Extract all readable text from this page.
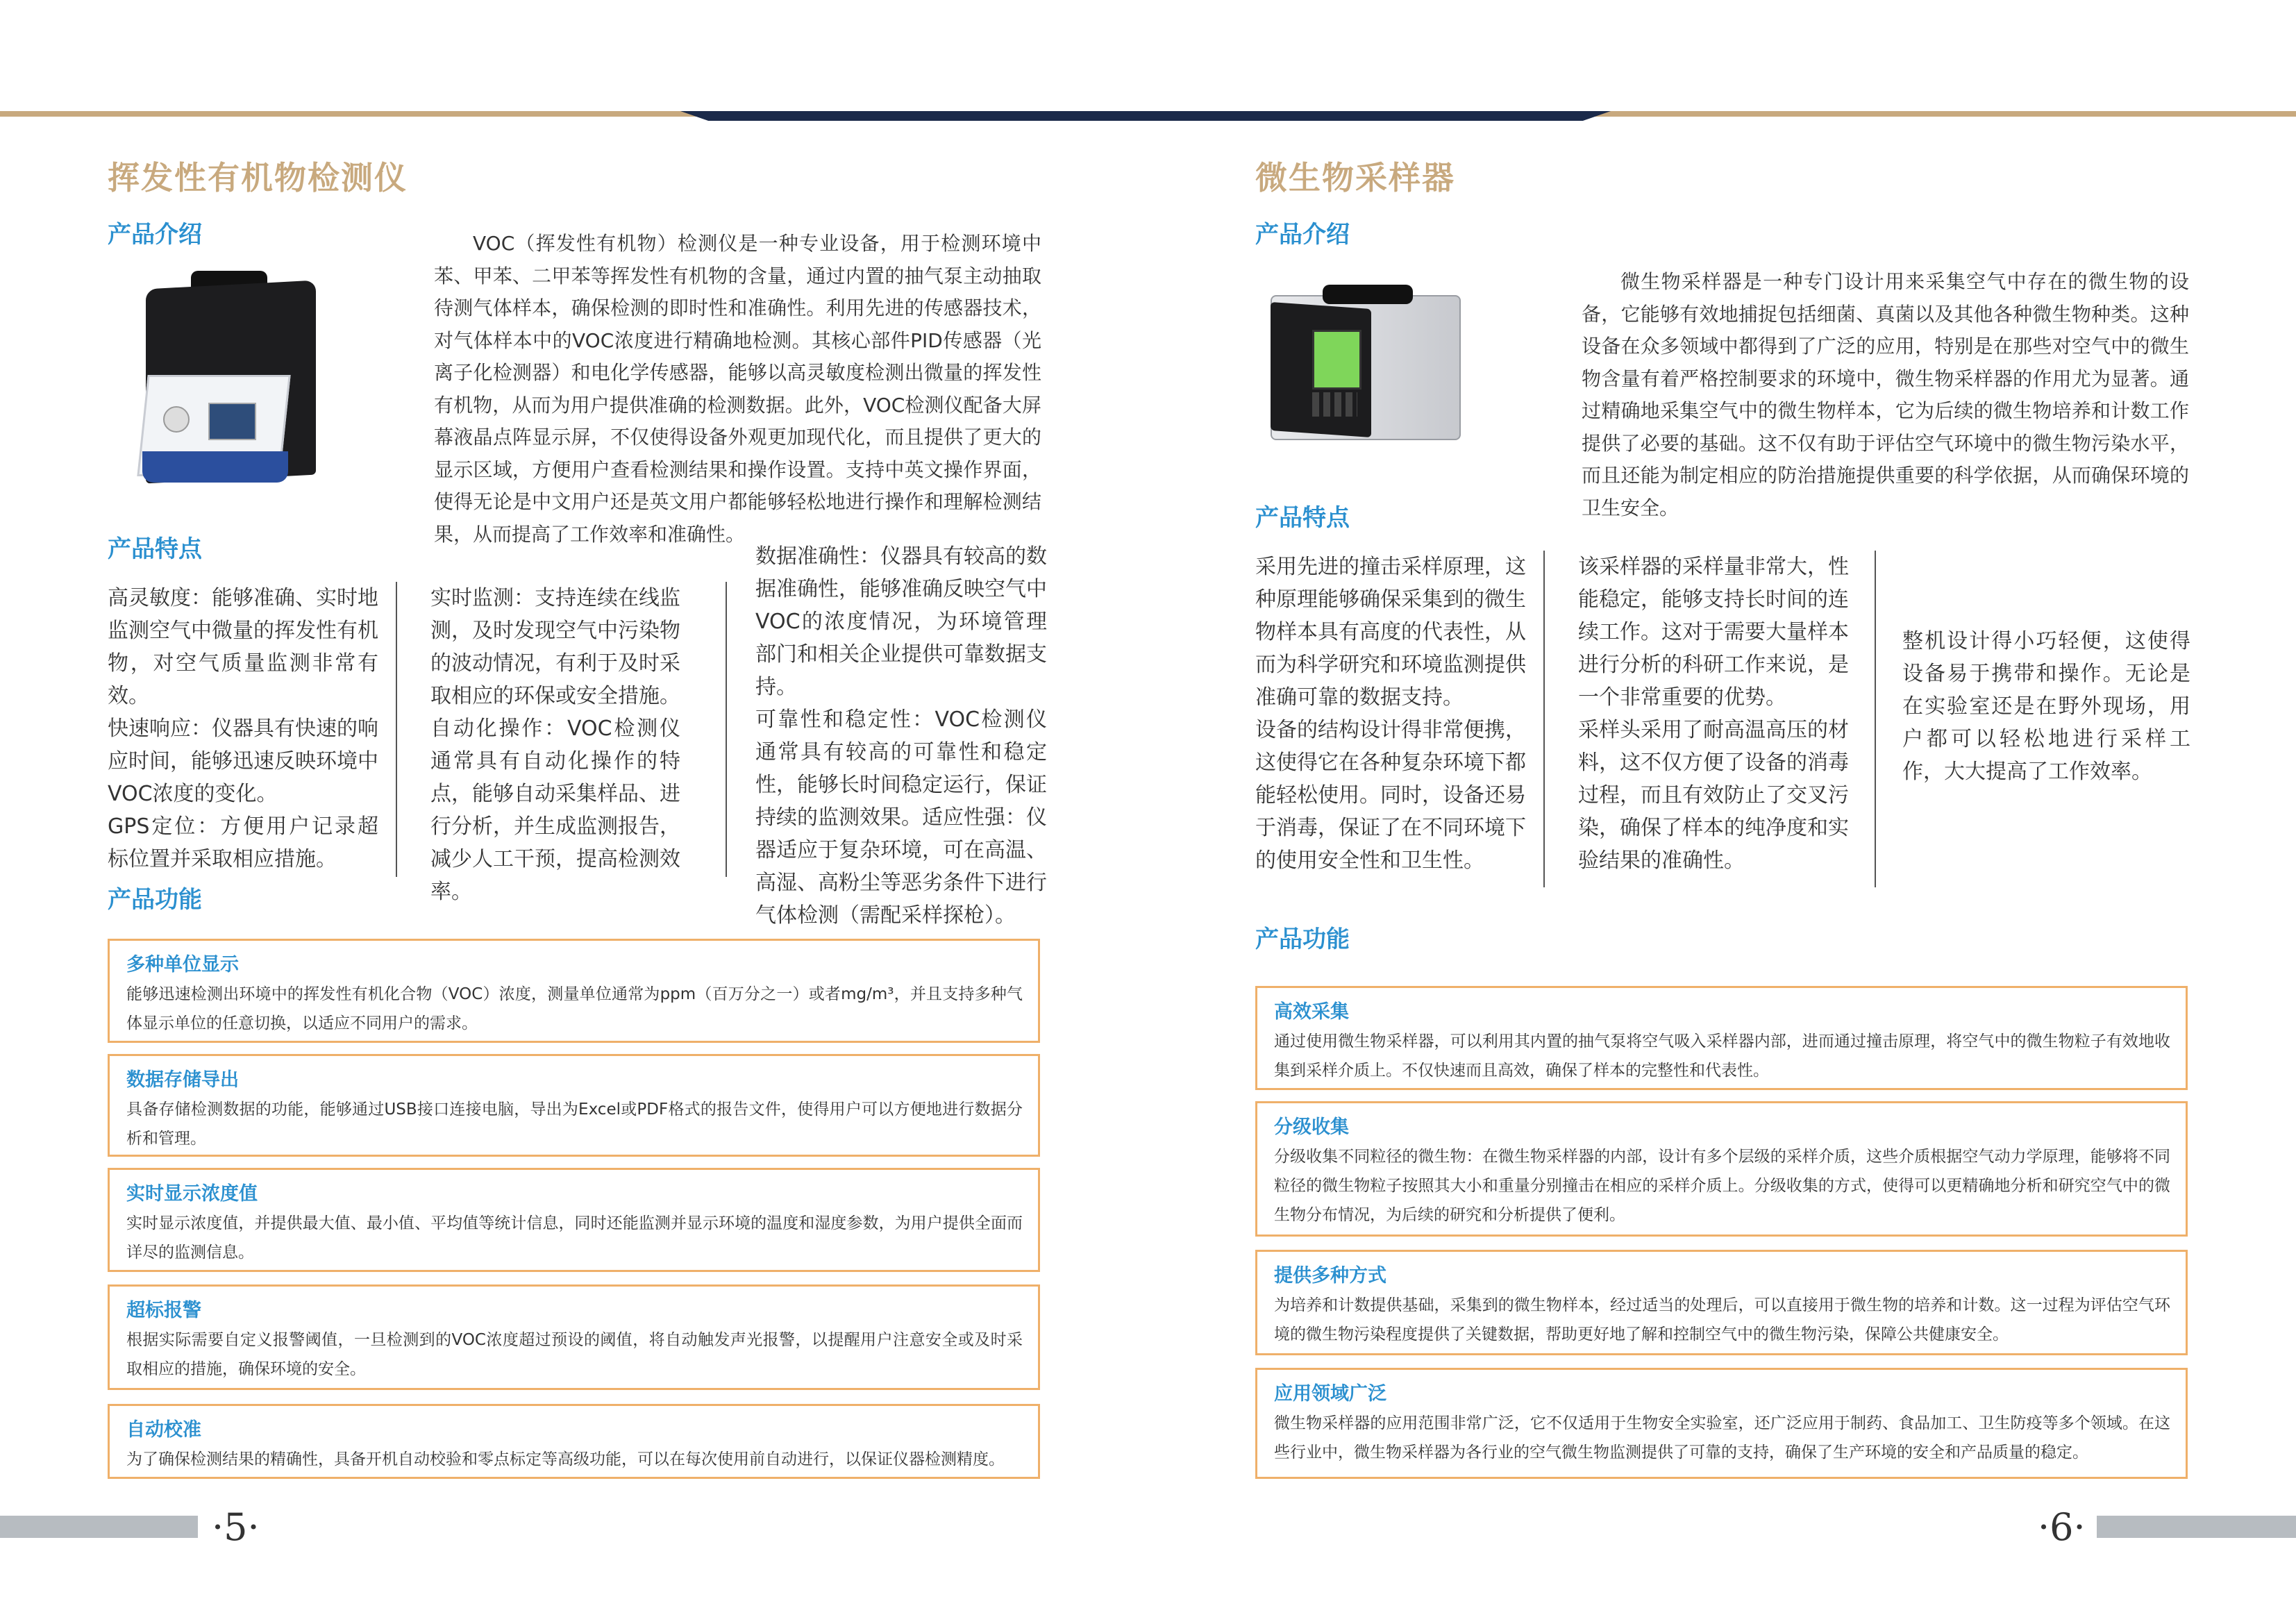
挥发性有机物检测仪
产品介绍	VOC（挥发性有机物）检测仪是一种专业设备，用于检测环境中苯、甲苯、二甲苯等挥发性有机物的含量，通过内置的抽气泵主动抽取待测气体样本，确保检测的即时性和准确性。利用先进的传感器技术，对气体样本中的VOC浓度进行精确地检测。其核心部件PID传感器（光离子化检测器）和电化学传感器，能够以高灵敏度检测出微量的挥发性有机物，从而为用户提供准确的检测数据。此外，VOC检测仪配备大屏幕液晶点阵显示屏，不仅使得设备外观更加现代化，而且提供了更大的显示区域，方便用户查看检测结果和操作设置。支持中英文操作界面，使得无论是中文用户还是英文用户都能够轻松地进行操作和理解检测结果，从而提高了工作效率和准确性。
产品特点

高灵敏度：能够准确、实时地监测空气中微量的挥发性有机物，对空气质量监测非常有效。

快速响应：仪器具有快速的响应时间，能够迅速反映环境中VOC浓度的变化。

GPS定位：方便用户记录超标位置并采取相应措施。

实时监测：支持连续在线监测，及时发现空气中污染物的波动情况，有利于及时采取相应的环保或安全措施。

自动化操作：VOC检测仪通常具有自动化操作的特点，能够自动采集样品、进行分析，并生成监测报告，减少人工干预，提高检测效率。

数据准确性：仪器具有较高的数据准确性，能够准确反映空气中VOC的浓度情况，为环境管理部门和相关企业提供可靠数据支持。

可靠性和稳定性：VOC检测仪通常具有较高的可靠性和稳定性，能够长时间稳定运行，保证持续的监测效果。适应性强：仪器适应于复杂环境，可在高温、高湿、高粉尘等恶劣条件下进行气体检测（需配采样探枪）。

产品功能
多种单位显示
能够迅速检测出环境中的挥发性有机化合物（VOC）浓度，测量单位通常为ppm（百万分之一）或者mg/m³，并且支持多种气体显示单位的任意切换，以适应不同用户的需求。
数据存储导出
具备存储检测数据的功能，能够通过USB接口连接电脑，导出为Excel或PDF格式的报告文件，使得用户可以方便地进行数据分析和管理。
实时显示浓度值
实时显示浓度值，并提供最大值、最小值、平均值等统计信息，同时还能监测并显示环境的温度和湿度参数，为用户提供全面而详尽的监测信息。
超标报警
根据实际需要自定义报警阈值，一旦检测到的VOC浓度超过预设的阈值，将自动触发声光报警，以提醒用户注意安全或及时采取相应的措施，确保环境的安全。
自动校准
为了确保检测结果的精确性，具备开机自动校验和零点标定等高级功能，可以在每次使用前自动进行，以保证仪器检测精度。
·5·
微生物采样器
产品介绍
微生物采样器是一种专门设计用来采集空气中存在的微生物的设备，它能够有效地捕捉包括细菌、真菌以及其他各种微生物种类。这种设备在众多领域中都得到了广泛的应用，特别是在那些对空气中的微生物含量有着严格控制要求的环境中，微生物采样器的作用尤为显著。通过精确地采集空气中的微生物样本，它为后续的微生物培养和计数工作提供了必要的基础。这不仅有助于评估空气环境中的微生物污染水平，而且还能为制定相应的防治措施提供重要的科学依据，从而确保环境的卫生安全。
产品特点

采用先进的撞击采样原理，这种原理能够确保采集到的微生物样本具有高度的代表性，从而为科学研究和环境监测提供准确可靠的数据支持。

设备的结构设计得非常便携，这使得它在各种复杂环境下都能轻松使用。同时，设备还易于消毒，保证了在不同环境下的使用安全性和卫生性。

该采样器的采样量非常大，性能稳定，能够支持长时间的连续工作。这对于需要大量样本进行分析的科研工作来说，是一个非常重要的优势。

采样头采用了耐高温高压的材料，这不仅方便了设备的消毒过程，而且有效防止了交叉污染，确保了样本的纯净度和实验结果的准确性。

整机设计得小巧轻便，这使得设备易于携带和操作。无论是在实验室还是在野外现场，用户都可以轻松地进行采样工作，大大提高了工作效率。

产品功能
高效采集
通过使用微生物采样器，可以利用其内置的抽气泵将空气吸入采样器内部，进而通过撞击原理，将空气中的微生物粒子有效地收集到采样介质上。不仅快速而且高效，确保了样本的完整性和代表性。
分级收集
分级收集不同粒径的微生物：在微生物采样器的内部，设计有多个层级的采样介质，这些介质根据空气动力学原理，能够将不同粒径的微生物粒子按照其大小和重量分别撞击在相应的采样介质上。分级收集的方式，使得可以更精确地分析和研究空气中的微生物分布情况，为后续的研究和分析提供了便利。
提供多种方式
为培养和计数提供基础，采集到的微生物样本，经过适当的处理后，可以直接用于微生物的培养和计数。这一过程为评估空气环境的微生物污染程度提供了关键数据，帮助更好地了解和控制空气中的微生物污染，保障公共健康安全。
应用领域广泛
微生物采样器的应用范围非常广泛，它不仅适用于生物安全实验室，还广泛应用于制药、食品加工、卫生防疫等多个领域。在这些行业中，微生物采样器为各行业的空气微生物监测提供了可靠的支持，确保了生产环境的安全和产品质量的稳定。
·6·
